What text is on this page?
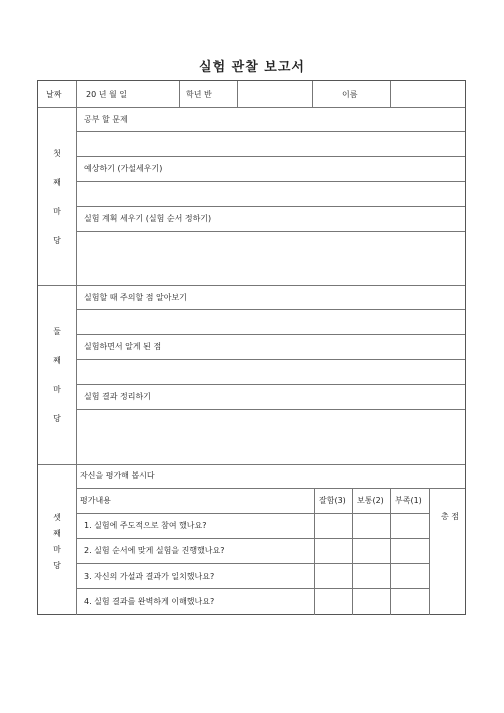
실험 관찰 보고서
날짜	20 년 월 일	학년 반	이름
첫
째
마
당
공부 할 문제
예상하기 (가설세우기)
실험 계획 세우기 (실험 순서 정하기)
둘
째
마
당
실험할 때 주의할 점 알아보기
실험하면서 알게 된 점
실험 결과 정리하기
셋
째
마
당
자신을 평가해 봅시다
평가내용	잘함(3) 보통(2) 부족(1)
총 점
1. 실험에 주도적으로 참여 했나요?
2. 실험 순서에 맞게 실험을 진행했나요?
3. 자신의 가설과 결과가 일치했나요?
4. 실험 결과를 완벽하게 이해했나요?
